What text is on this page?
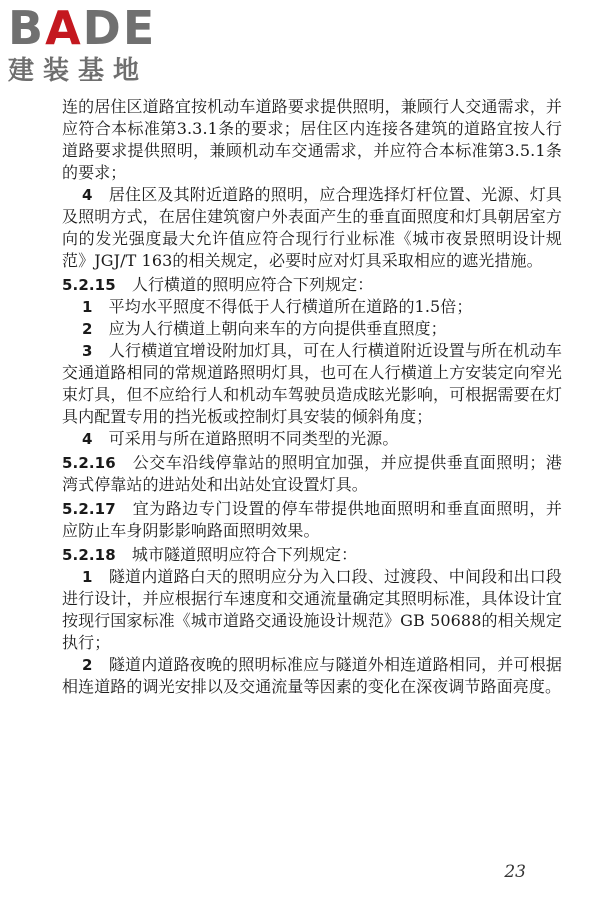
BADE
建装基地

连的居住区道路宜按机动车道路要求提供照明，兼顾行人交通需求，并应符合本标准第3.3.1条的要求；居住区内连接各建筑的道路宜按人行道路要求提供照明，兼顾机动车交通需求，并应符合本标准第3.5.1条的要求；

4　 居住区及其附近道路的照明，应合理选择灯杆位置、光源、灯具及照明方式，在居住建筑窗户外表面产生的垂直面照度和灯具朝居室方向的发光强度最大允许值应符合现行行业标准《城市夜景照明设计规范》JGJ/T 163的相关规定，必要时应对灯具采取相应的遮光措施。

5.2.15　 人行横道的照明应符合下列规定：

1　 平均水平照度不得低于人行横道所在道路的1.5倍；

2　 应为人行横道上朝向来车的方向提供垂直照度；

3　 人行横道宜增设附加灯具，可在人行横道附近设置与所在机动车交通道路相同的常规道路照明灯具，也可在人行横道上方安装定向窄光束灯具，但不应给行人和机动车驾驶员造成眩光影响，可根据需要在灯具内配置专用的挡光板或控制灯具安装的倾斜角度；

4　 可采用与所在道路照明不同类型的光源。

5.2.16　 公交车沿线停靠站的照明宜加强，并应提供垂直面照明；港湾式停靠站的进站处和出站处宜设置灯具。

5.2.17　 宜为路边专门设置的停车带提供地面照明和垂直面照明，并应防止车身阴影影响路面照明效果。

5.2.18　 城市隧道照明应符合下列规定：

1　 隧道内道路白天的照明应分为入口段、过渡段、中间段和出口段进行设计，并应根据行车速度和交通流量确定其照明标准，具体设计宜按现行国家标准《城市道路交通设施设计规范》GB 50688的相关规定执行；

2　 隧道内道路夜晚的照明标准应与隧道外相连道路相同，并可根据相连道路的调光安排以及交通流量等因素的变化在深夜调节路面亮度。

23
